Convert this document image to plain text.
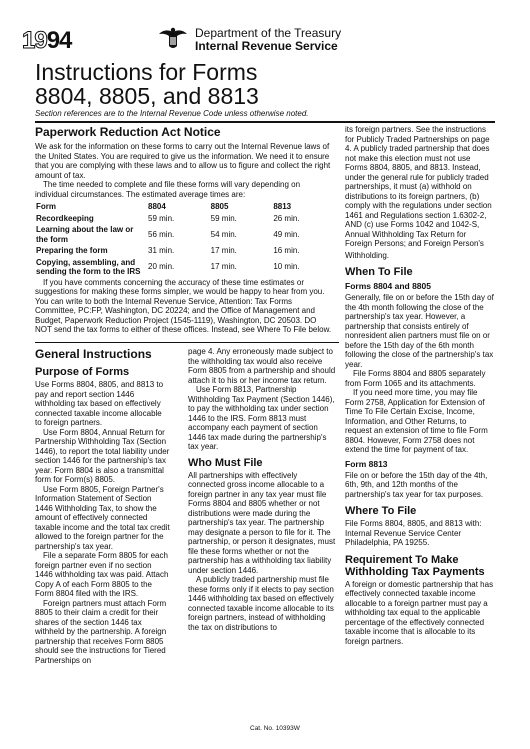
1994	Department of the Treasury
Internal Revenue Service
Instructions for Forms
8804, 8805, and 8813
Section references are to the Internal Revenue Code unless otherwise noted.
Paperwork Reduction Act Notice
We ask for the information on these forms to carry out the Internal Revenue laws of the United States. You are required to give us the information. We need it to ensure that you are complying with these laws and to allow us to figure and collect the right amount of tax.
The time needed to complete and file these forms will vary depending on individual circumstances. The estimated average times are:
Form	8804	8805	8813
Recordkeeping	59 min.	59 min.	26 min.
Learning about the law or the form	56 min.	54 min.	49 min.
Preparing the form	31 min.	17 min.	16 min.
Copying, assembling, and sending the form to the IRS	20 min.	17 min.	10 min.
If you have comments concerning the accuracy of these time estimates or suggestions for making these forms simpler, we would be happy to hear from you. You can write to both the Internal Revenue Service, Attention: Tax Forms Committee, PC:FP, Washington, DC 20224; and the Office of Management and Budget, Paperwork Reduction Project (1545-1119), Washington, DC 20503. DO NOT send the tax forms to either of these offices. Instead, see Where To File below.
General Instructions
Purpose of Forms
Use Forms 8804, 8805, and 8813 to pay and report section 1446 withholding tax based on effectively connected taxable income allocable to foreign partners.
Use Form 8804, Annual Return for Partnership Withholding Tax (Section 1446), to report the total liability under section 1446 for the partnership's tax year. Form 8804 is also a transmittal form for Form(s) 8805.
Use Form 8805, Foreign Partner's Information Statement of Section 1446 Withholding Tax, to show the amount of effectively connected taxable income and the total tax credit allowed to the foreign partner for the partnership's tax year.
File a separate Form 8805 for each foreign partner even if no section 1446 withholding tax was paid. Attach Copy A of each Form 8805 to the Form 8804 filed with the IRS.
Foreign partners must attach Form 8805 to their claim a credit for their shares of the section 1446 tax withheld by the partnership. A foreign partnership that receives Form 8805 should see the instructions for Tiered Partnerships on
page 4. Any erroneously made subject to the withholding tax would also receive Form 8805 from a partnership and should attach it to his or her income tax return.
Use Form 8813, Partnership Withholding Tax Payment (Section 1446), to pay the withholding tax under section 1446 to the IRS. Form 8813 must accompany each payment of section 1446 tax made during the partnership's tax year.
Who Must File
All partnerships with effectively connected gross income allocable to a foreign partner in any tax year must file Forms 8804 and 8805 whether or not distributions were made during the partnership's tax year. The partnership may designate a person to file for it. The partnership, or person it designates, must file these forms whether or not the partnership has a withholding tax liability under section 1446.
A publicly traded partnership must file these forms only if it elects to pay section 1446 withholding tax based on effectively connected taxable income allocable to its foreign partners, instead of withholding the tax on distributions to
its foreign partners. See the instructions for Publicly Traded Partnerships on page 4. A publicly traded partnership that does not make this election must not use Forms 8804, 8805, and 8813. Instead, under the general rule for publicly traded partnerships, it must (a) withhold on distributions to its foreign partners, (b) comply with the regulations under section 1461 and Regulations section 1.6302-2, AND (c) use Forms 1042 and 1042-S, Annual Withholding Tax Return for Foreign Persons; and Foreign Person's
Withholding.
When To File
Forms 8804 and 8805
Generally, file on or before the 15th day of the 4th month following the close of the partnership's tax year. However, a partnership that consists entirely of nonresident alien partners must file on or before the 15th day of the 6th month following the close of the partnership's tax year.
File Forms 8804 and 8805 separately from Form 1065 and its attachments.
If you need more time, you may file Form 2758, Application for Extension of Time To File Certain Excise, Income, Information, and Other Returns, to request an extension of time to file Form 8804. However, Form 2758 does not extend the time for payment of tax.
Form 8813
File on or before the 15th day of the 4th, 6th, 9th, and 12th months of the partnership's tax year for tax purposes.
Where To File
File Forms 8804, 8805, and 8813 with: Internal Revenue Service Center Philadelphia, PA 19255.
Requirement To Make
Withholding Tax Payments
A foreign or domestic partnership that has effectively connected taxable income allocable to a foreign partner must pay a withholding tax equal to the applicable percentage of the effectively connected taxable income that is allocable to its foreign partners.
Cat. No. 10393W
